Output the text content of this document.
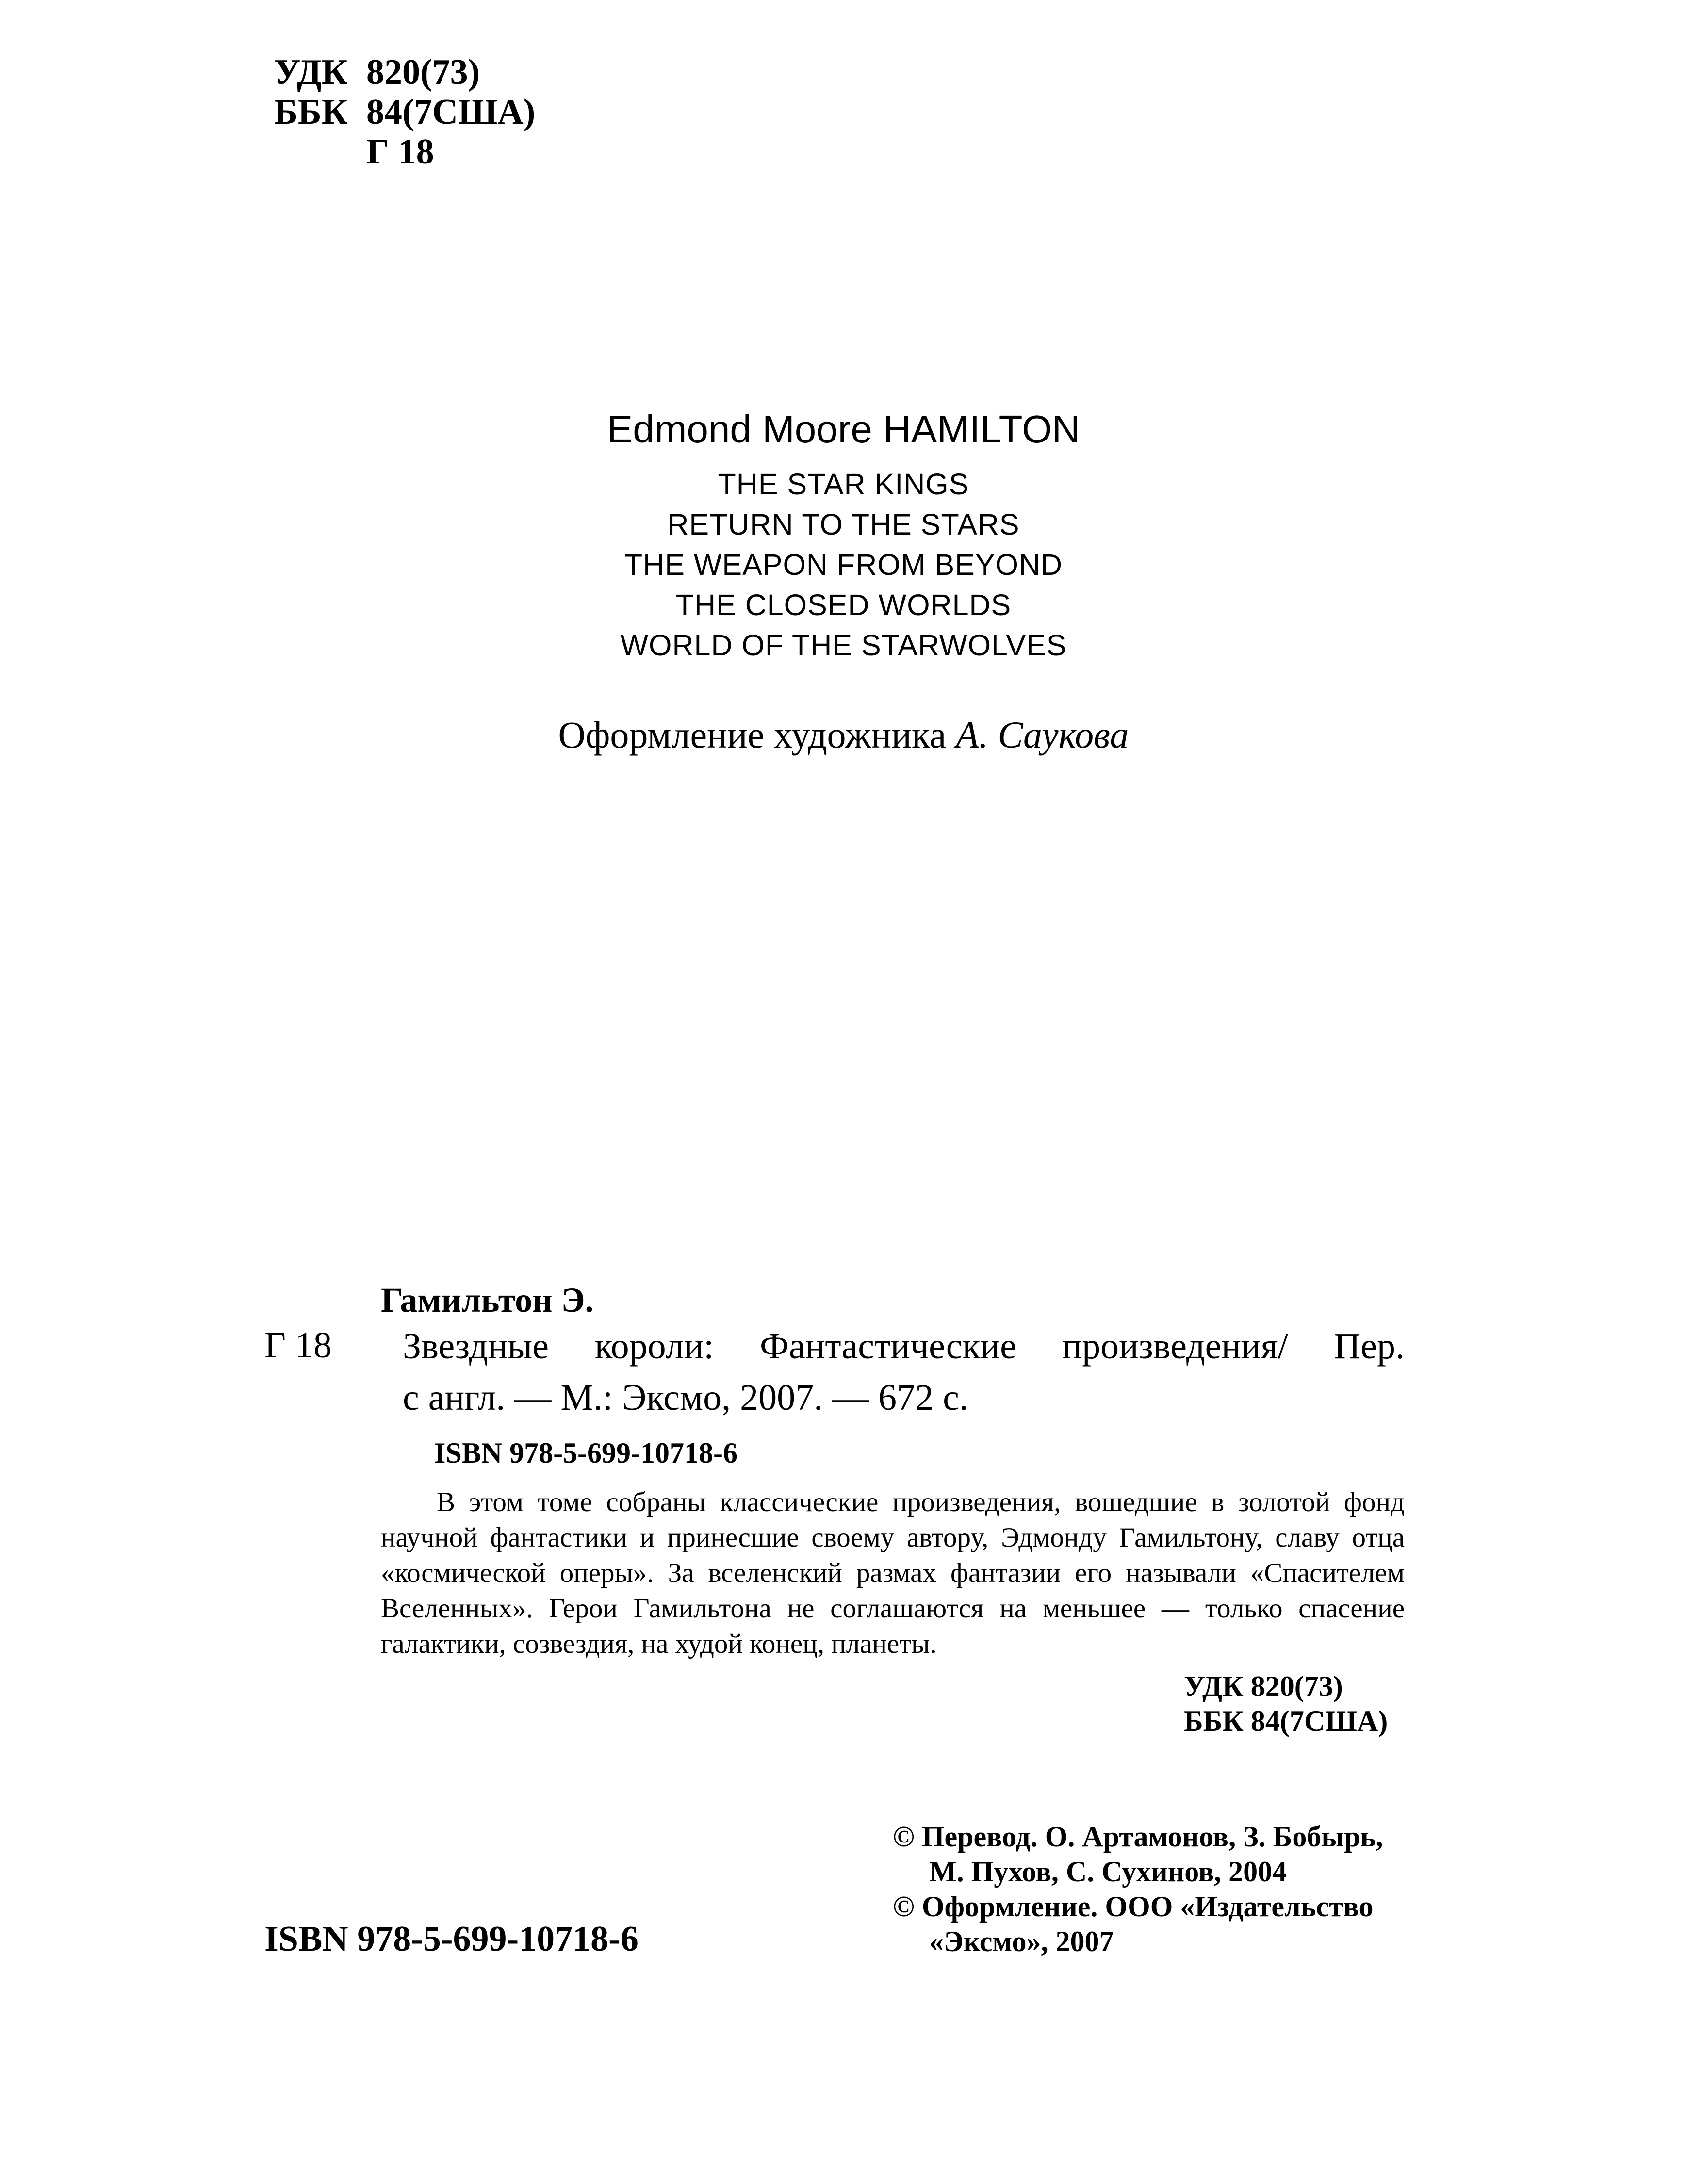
УДК 820(73)
ББК 84(7США)
Г 18
Edmond Moore HAMILTON
THE STAR KINGS
RETURN TO THE STARS
THE WEAPON FROM BEYOND
THE CLOSED WORLDS
WORLD OF THE STARWOLVES
Оформление художника А. Саукова
Гамильтон Э.
Г 18 Звездные короли: Фантастические произведения/ Пер.
с англ. — М.: Эксмо, 2007. — 672 с.
ISBN 978-5-699-10718-6
В этом томе собраны классические произведения, вошедшие в золотой фонд научной фантастики и принесшие своему автору, Эдмонду Гамильтону, славу отца «космической оперы». За вселенский размах фантазии его называли «Спасителем Вселенных». Герои Гамильтона не соглашаются на меньшее — только спасение галактики, созвездия, на худой конец, планеты.
УДК 820(73)
ББК 84(7США)
© Перевод. О. Артамонов, З. Бобырь,
М. Пухов, С. Сухинов, 2004
© Оформление. ООО «Издательство
«Эксмо», 2007
ISBN 978-5-699-10718-6
